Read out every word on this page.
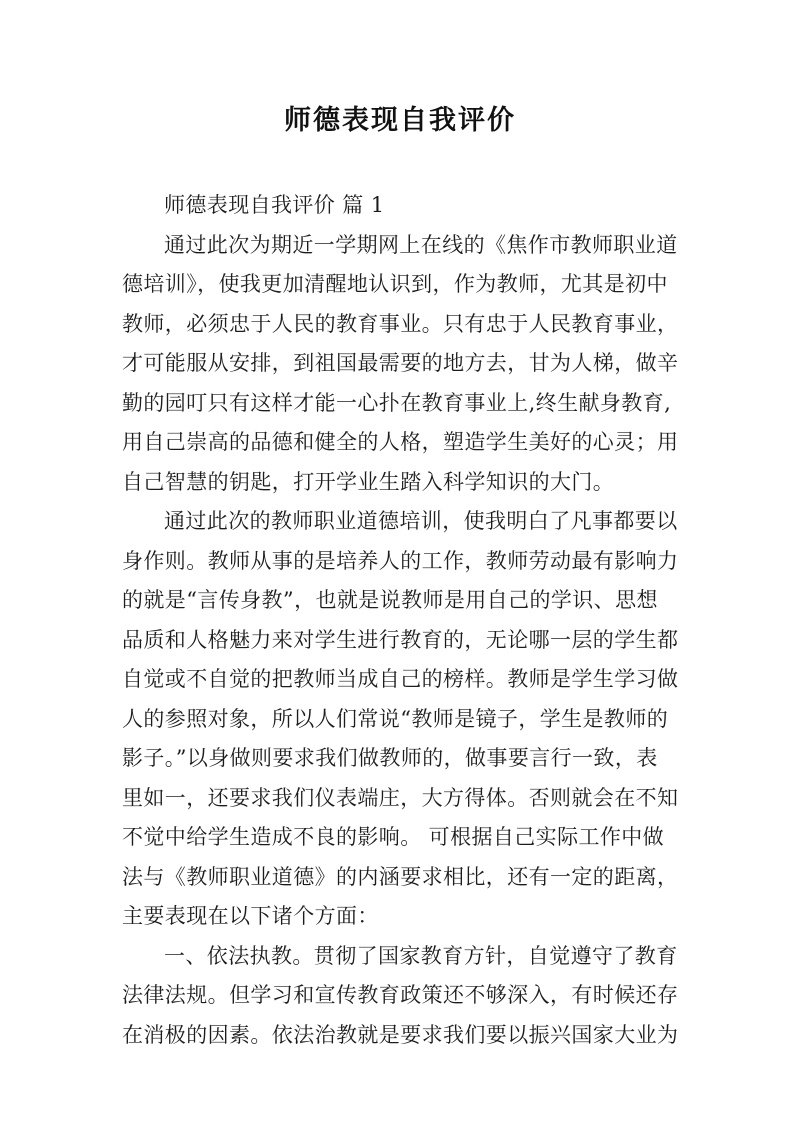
师德表现自我评价
师德表现自我评价 篇 1
通过此次为期近一学期网上在线的《焦作市教师职业道
德培训》，使我更加清醒地认识到，作为教师，尤其是初中
教师，必须忠于人民的教育事业。只有忠于人民教育事业，
才可能服从安排，到祖国最需要的地方去，甘为人梯，做辛
勤的园叮只有这样才能一心扑在教育事业上,终生献身教育,
用自己崇高的品德和健全的人格，塑造学生美好的心灵；用
自己智慧的钥匙，打开学业生踏入科学知识的大门。
通过此次的教师职业道德培训，使我明白了凡事都要以
身作则。教师从事的是培养人的工作，教师劳动最有影响力
的就是“言传身教”，也就是说教师是用自己的学识、思想
品质和人格魅力来对学生进行教育的，无论哪一层的学生都
自觉或不自觉的把教师当成自己的榜样。教师是学生学习做
人的参照对象，所以人们常说“教师是镜子，学生是教师的
影子。”以身做则要求我们做教师的，做事要言行一致，表
里如一，还要求我们仪表端庄，大方得体。否则就会在不知
不觉中给学生造成不良的影响。 可根据自己实际工作中做
法与《教师职业道德》的内涵要求相比，还有一定的距离，
主要表现在以下诸个方面：
一、依法执教。贯彻了国家教育方针，自觉遵守了教育
法律法规。但学习和宣传教育政策还不够深入，有时候还存
在消极的因素。依法治教就是要求我们要以振兴国家大业为
